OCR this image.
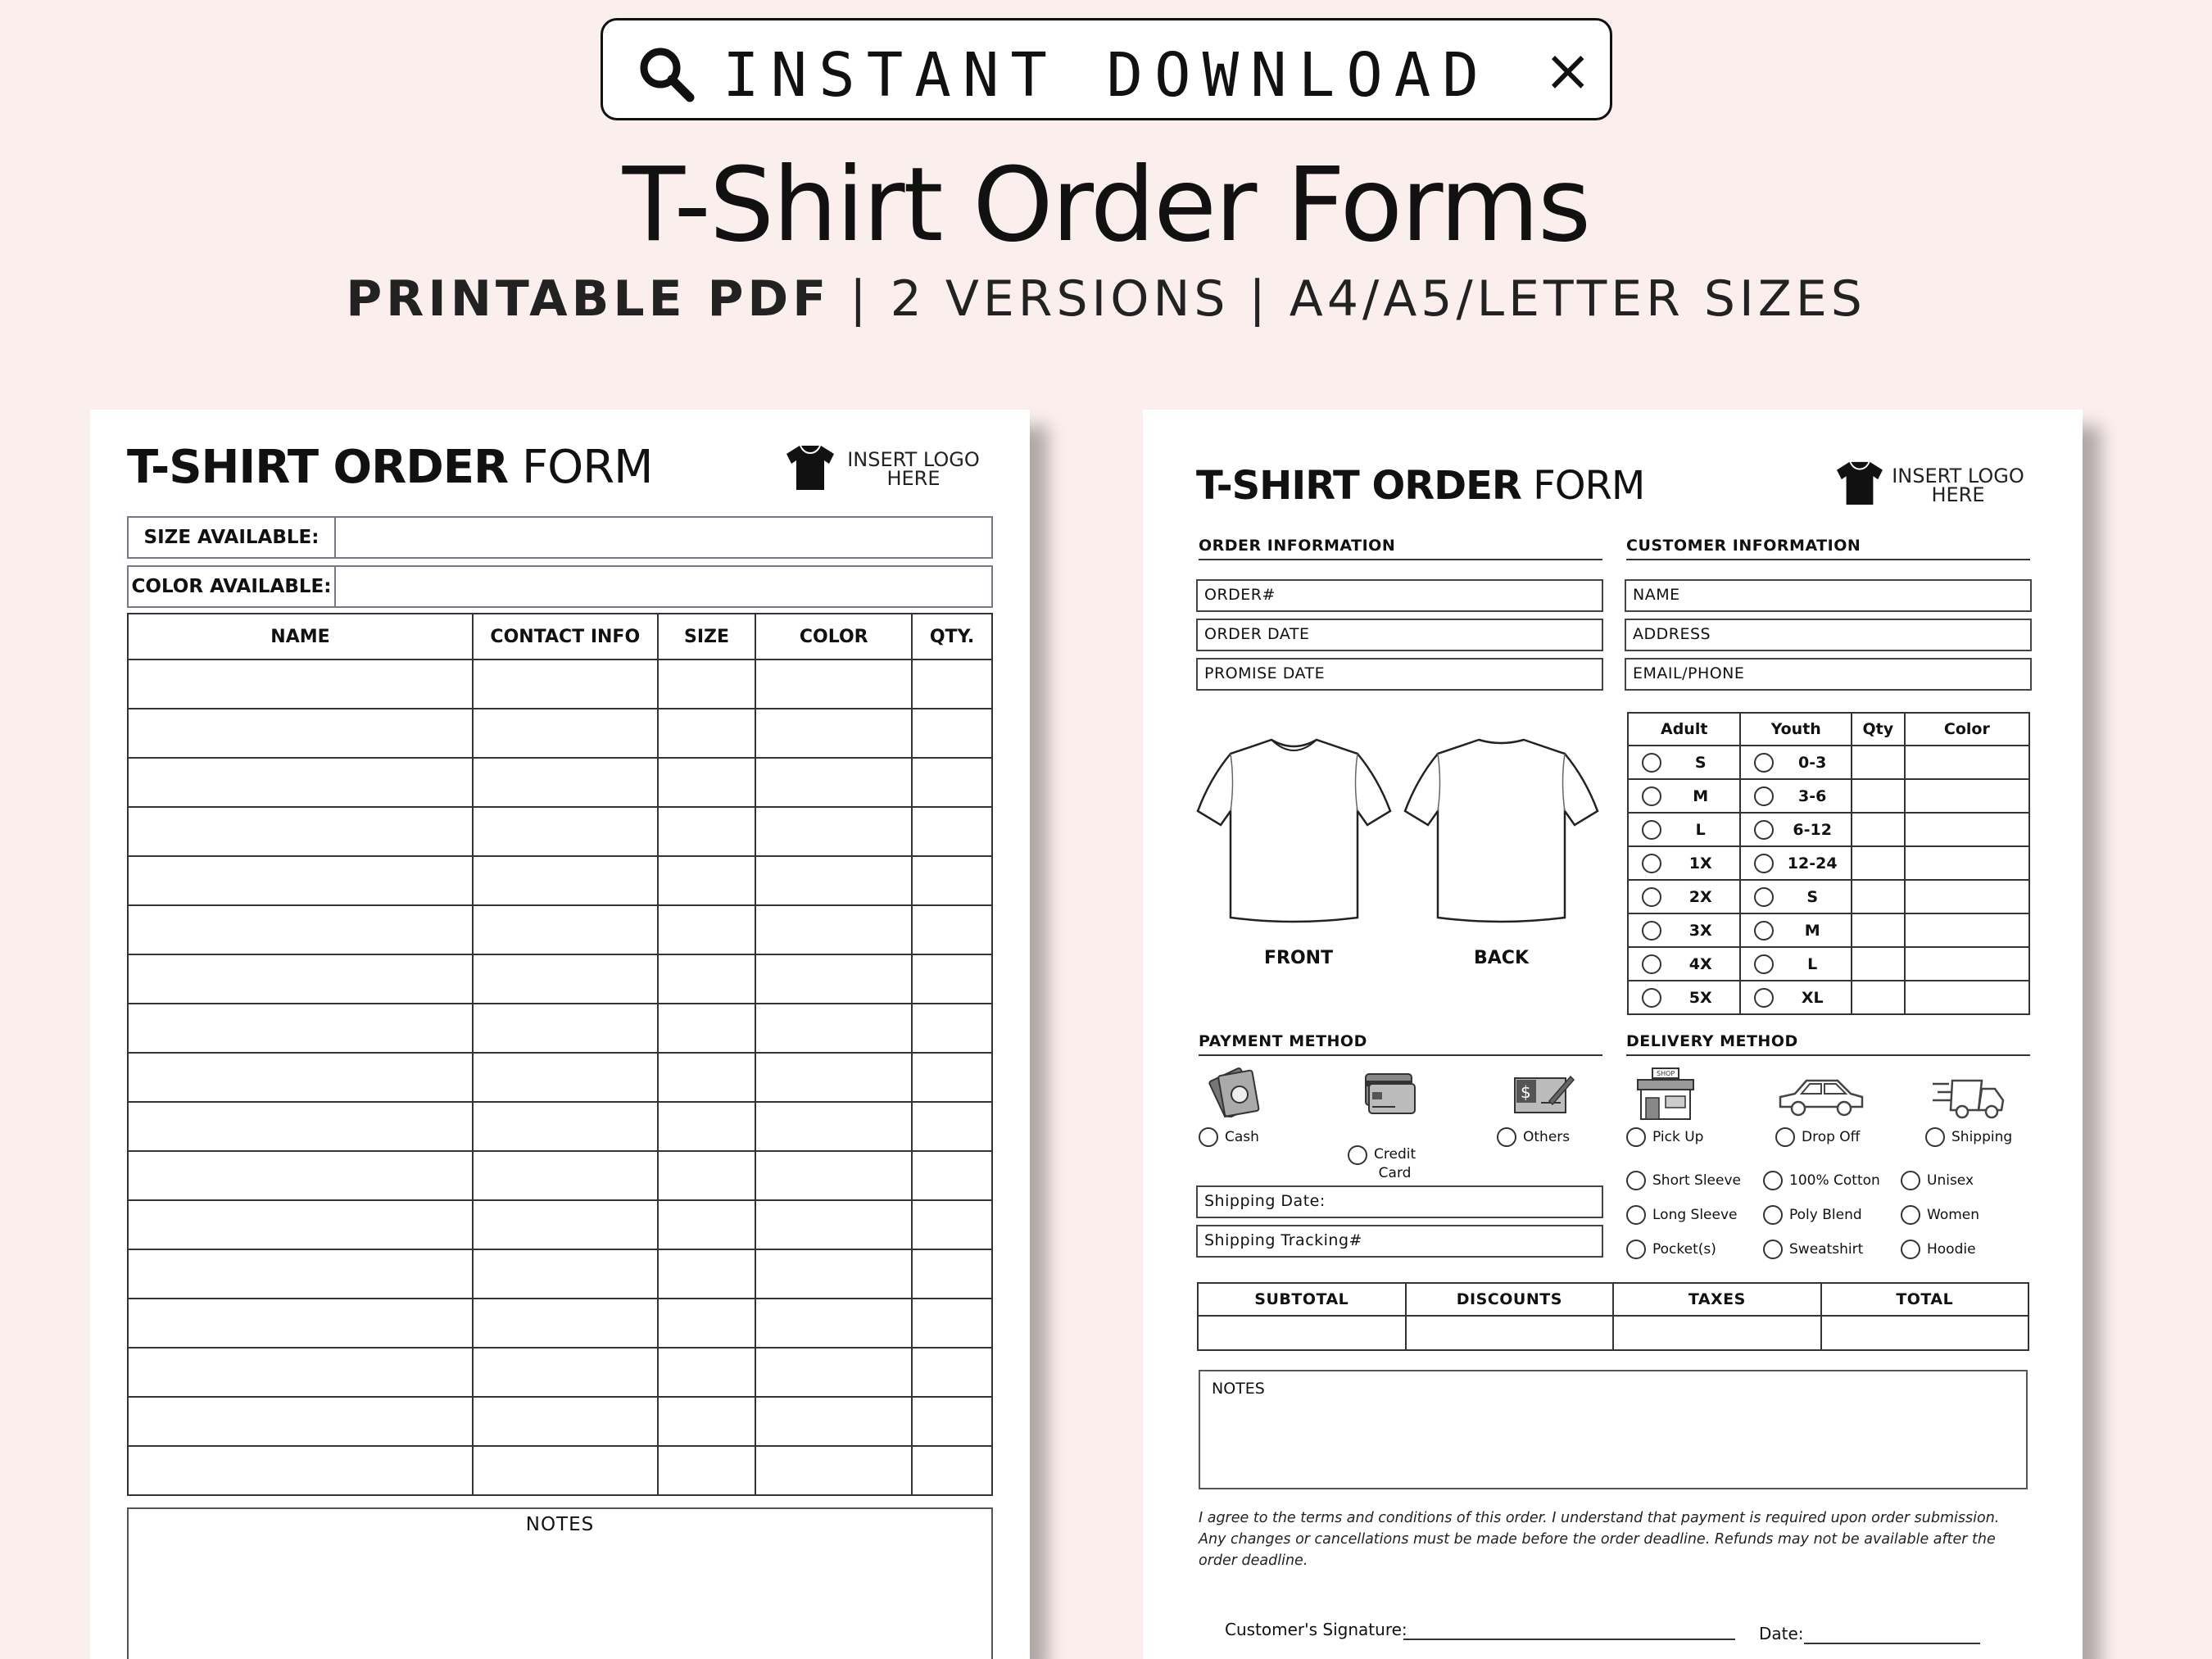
INSTANT DOWNLOAD ×
T-Shirt Order Forms
PRINTABLE PDF | 2 VERSIONS | A4/A5/LETTER SIZES
T-SHIRT ORDER FORM	INSERT LOGO
HERE
SIZE AVAILABLE:
COLOR AVAILABLE:
NAME	CONTACT INFO	SIZE	COLOR	QTY.

NOTES
T-SHIRT ORDER FORM	INSERT LOGO
HERE
ORDER INFORMATION	CUSTOMER INFORMATION
ORDER#
ORDER DATE
PROMISE DATE
NAME
ADDRESS
EMAIL/PHONE
FRONT	BACK
Adult	Youth	Qty	Color

S	0-3		

M	3-6		

L	6-12		

1X	12-24		

2X	S		

3X	M		

4X	L		

5X	XL		

PAYMENT METHOD	DELIVERY METHOD
Cash
Credit
Card
$
Others
SHOP
Pick Up	Drop Off	Shipping
Short Sleeve	100% Cotton	Unisex
Long Sleeve	Poly Blend	Women
Pocket(s)	Sweatshirt	Hoodie
Shipping Date:
Shipping Tracking#
SUBTOTAL	DISCOUNTS	TAXES	TOTAL

NOTES
I agree to the terms and conditions of this order. I understand that payment is required upon order submission. Any changes or cancellations must be made before the order deadline. Refunds may not be available after the order deadline.
Customer's Signature:	Date:
